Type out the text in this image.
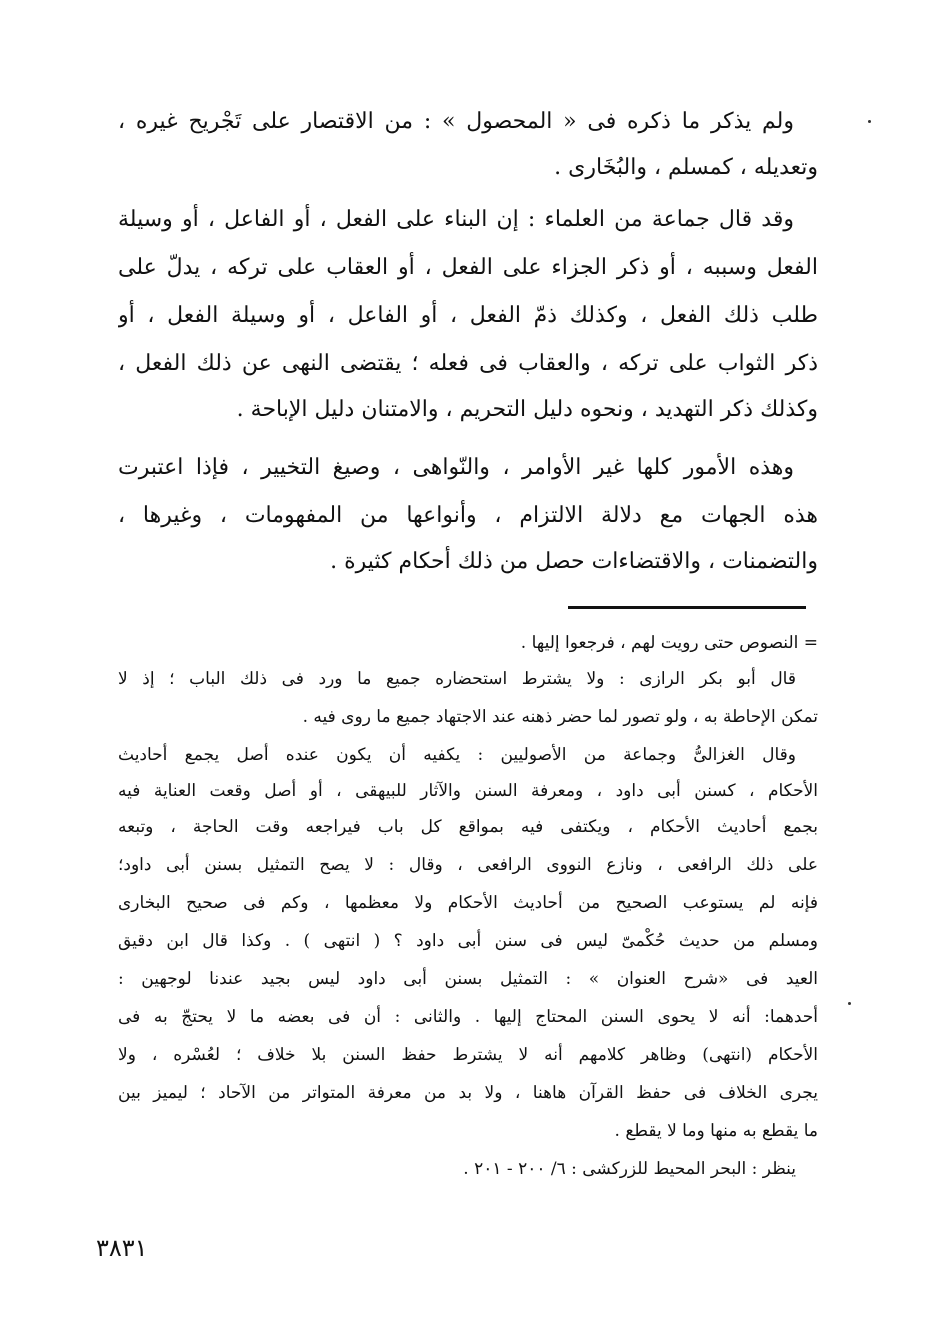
ولم يذكر ما ذكره فى « المحصول » : من الاقتصار على تَجْريح غيره ،
وتعديله ، كمسلم ، والبُخَارى .
وقد قال جماعة من العلماء : إن البناء على الفعل ، أو الفاعل ، أو وسيلة
الفعل وسببه ، أو ذكر الجزاء على الفعل ، أو العقاب على تركه ، يدلّ على
طلب ذلك الفعل ، وكذلك ذمّ الفعل ، أو الفاعل ، أو وسيلة الفعل ، أو
ذكر الثواب على تركه ، والعقاب فى فعله ؛ يقتضى النهى عن ذلك الفعل ،
وكذلك ذكر التهديد ، ونحوه دليل التحريم ، والامتنان دليل الإباحة .
وهذه الأمور كلها غير الأوامر ، والنّواهى ، وصيغ التخيير ، فإذا اعتبرت
هذه الجهات مع دلالة الالتزام ، وأنواعها من المفهومات ، وغيرها ،
والتضمنات ، والاقتضاءات حصل من ذلك أحكام كثيرة .
= النصوص حتى رويت لهم ، فرجعوا إليها .
قال أبو بكر الرازى : ولا يشترط استحضاره جميع ما ورد فى ذلك الباب ؛ إذ لا
تمكن الإحاطة به ، ولو تصور لما حضر ذهنه عند الاجتهاد جميع ما روى فيه .
وقال الغزالىُّ وجماعة من الأصوليين : يكفيه أن يكون عنده أصل يجمع أحاديث
الأحكام ، كسنن أبى داود ، ومعرفة السنن والآثار للبيهقى ، أو أصل وقعت العناية فيه
بجمع أحاديث الأحكام ، ويكتفى فيه بمواقع كل باب فيراجعه وقت الحاجة ، وتبعه
على ذلك الرافعى ، ونازع النووى الرافعى ، وقال : لا يصح التمثيل بسنن أبى داود؛
فإنه لم يستوعب الصحيح من أحاديث الأحكام ولا معظمها ، وكم فى صحيح البخارى
ومسلم من حديث حُكْمىّ ليس فى سنن أبى داود ؟ ( انتهى ) . وكذا قال ابن دقيق
العيد فى «شرح العنوان » : التمثيل بسنن أبى داود ليس بجيد عندنا لوجهين :
أحدهما: أنه لا يحوى السنن المحتاج إليها . والثانى : أن فى بعضه ما لا يحتجّ به فى
الأحكام (انتهى) وظاهر كلامهم أنه لا يشترط حفظ السنن بلا خلاف ؛ لعُسْره ، ولا
يجرى الخلاف فى حفظ القرآن هاهنا ، ولا بد من معرفة المتواتر من الآحاد ؛ ليميز بين
ما يقطع به منها وما لا يقطع .
ينظر : البحر المحيط للزركشى : ٦/ ٢٠٠ - ٢٠١ .
٣٨٣١
